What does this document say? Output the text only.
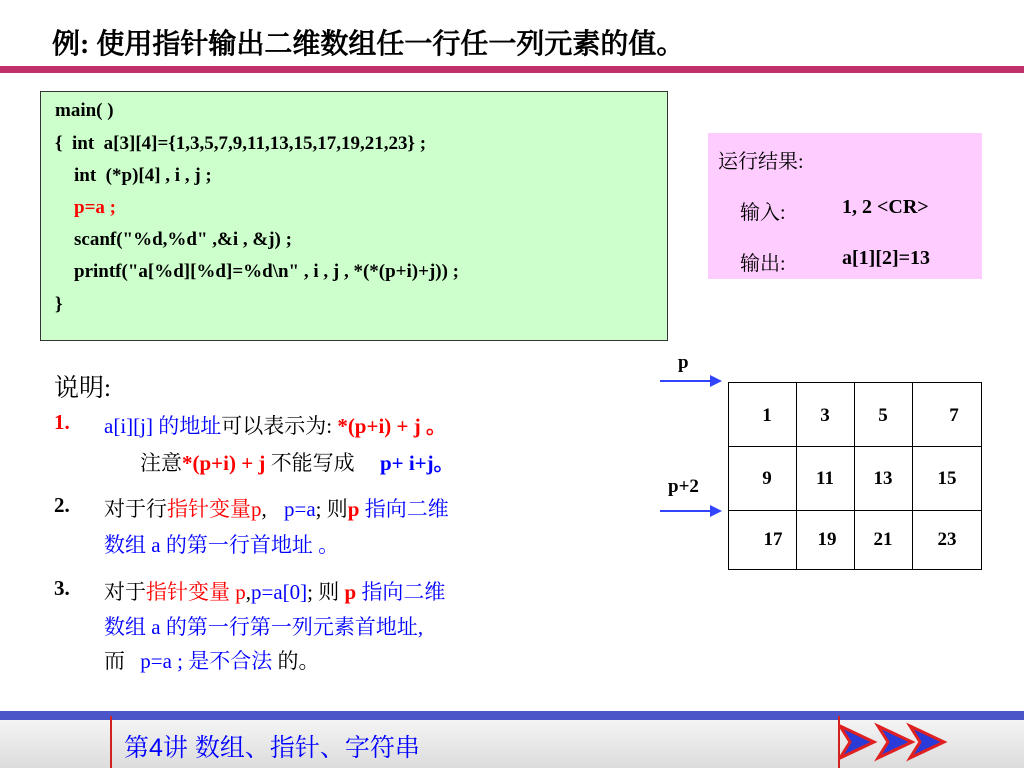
例: 使用指针输出二维数组任一行任一列元素的值。
main( )
{  int  a[3][4]={1,3,5,7,9,11,13,15,17,19,21,23} ;
int  (*p)[4] , i , j ;
p=a ;
scanf("%d,%d" ,&i , &j) ;
printf("a[%d][%d]=%d\n" , i , j , *(*(p+i)+j)) ;
}
运行结果:
输入:	1, 2 <CR>
输出:	a[1][2]=13
说明:
1. a[i][j] 的地址可以表示为: *(p+i) + j 。
注意*(p+i) + j 不能写成 p+ i+j。
2. 对于行指针变量p, p=a; 则p 指向二维
数组 a 的第一行首地址 。
3. 对于指针变量 p,p=a[0]; 则 p 指向二维
数组 a 的第一行第一列元素首地址,
而 p=a ; 是不合法 的。
p
p+2
1	3	5	7
9	11	13	15
17	19	21	23
第4讲 数组、指针、字符串
